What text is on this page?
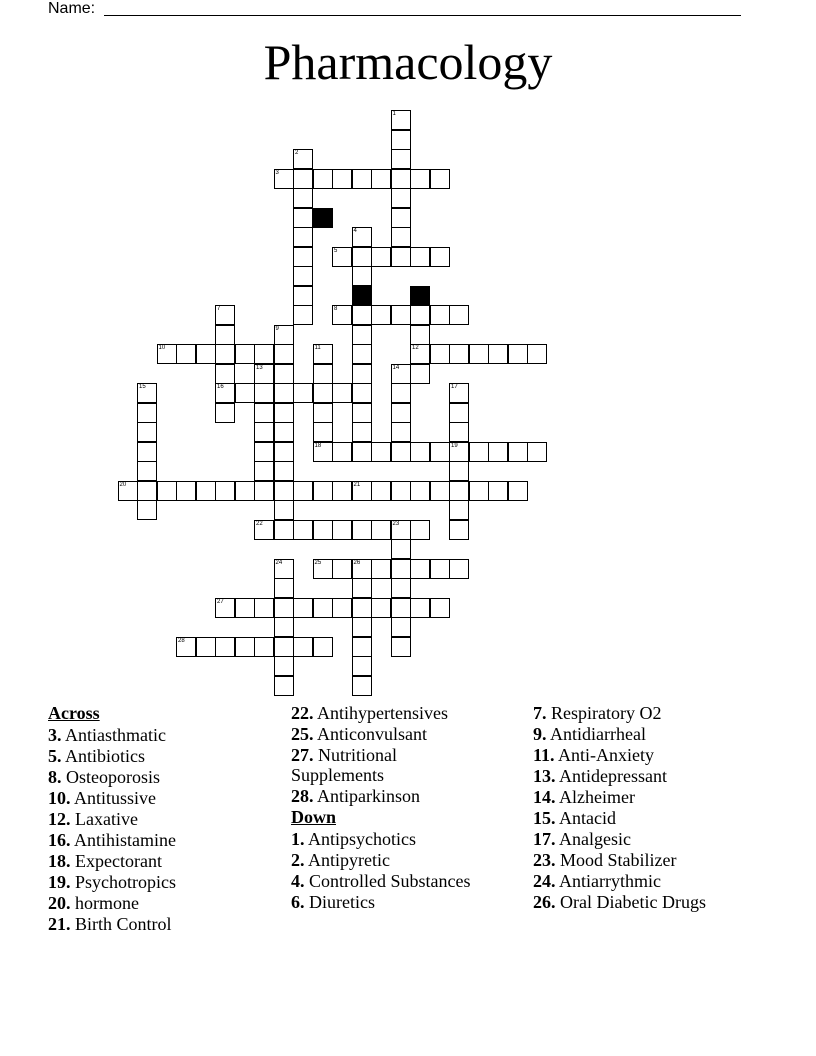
Name:
Pharmacology
1
2
3
4
5
12
7
16
8
9
10	11
18
13	14
15	17
19
20	21
22	23
24	25	26
27
28
Across
3. Antiasthmatic
5. Antibiotics
8. Osteoporosis
10. Antitussive
12. Laxative
16. Antihistamine
18. Expectorant
19. Psychotropics
20. hormone
21. Birth Control
22. Antihypertensives
25. Anticonvulsant
27. Nutritional Supplements
28. Antiparkinson
Down
1. Antipsychotics
2. Antipyretic
4. Controlled Substances
6. Diuretics
7. Respiratory O2
9. Antidiarrheal
11. Anti-Anxiety
13. Antidepressant
14. Alzheimer
15. Antacid
17. Analgesic
23. Mood Stabilizer
24. Antiarrythmic
26. Oral Diabetic Drugs
